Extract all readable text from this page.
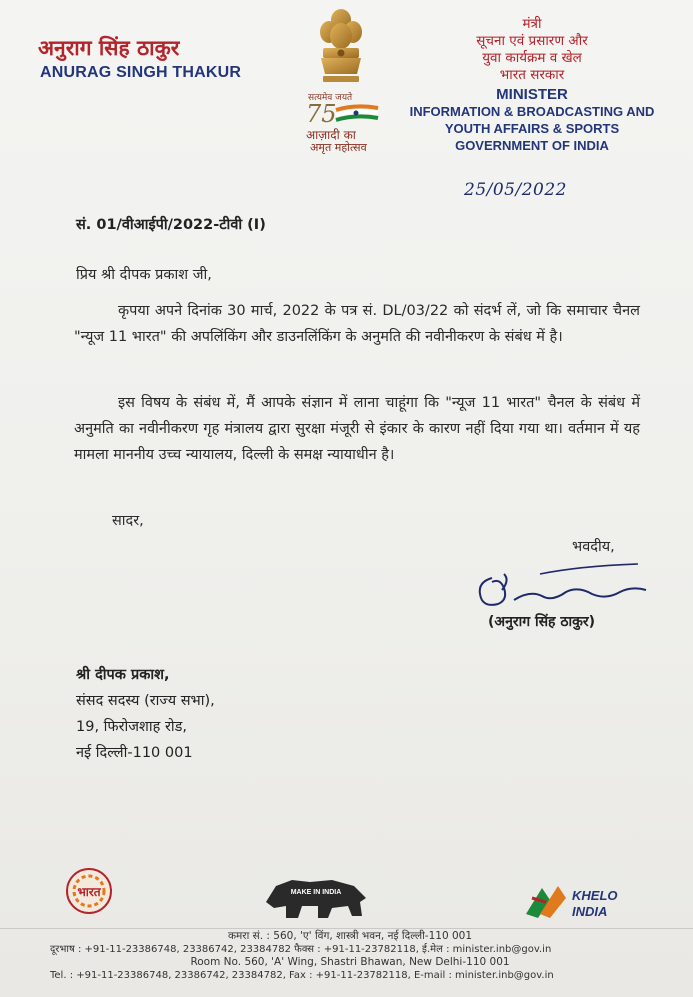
अनुराग सिंह ठाकुर
ANURAG SINGH THAKUR
सत्यमेव जयते
75
आज़ादी का
अमृत महोत्सव
मंत्री
सूचना एवं प्रसारण और
युवा कार्यक्रम व खेल
भारत सरकार
MINISTER
INFORMATION & BROADCASTING AND
YOUTH AFFAIRS & SPORTS
GOVERNMENT OF INDIA
25/05/2022
सं. 01/वीआईपी/2022-टीवी (I)
प्रिय श्री दीपक प्रकाश जी,
कृपया अपने दिनांक 30 मार्च, 2022 के पत्र सं. DL/03/22 को संदर्भ लें, जो कि समाचार चैनल "न्यूज 11 भारत" की अपलिंकिंग और डाउनलिंकिंग के अनुमति की नवीनीकरण के संबंध में है।
इस विषय के संबंध में, मैं आपके संज्ञान में लाना चाहूंगा कि "न्यूज 11 भारत" चैनल के संबंध में अनुमति का नवीनीकरण गृह मंत्रालय द्वारा सुरक्षा मंजूरी से इंकार के कारण नहीं दिया गया था। वर्तमान में यह मामला माननीय उच्च न्यायालय, दिल्ली के समक्ष न्यायाधीन है।
सादर,
भवदीय,
(अनुराग सिंह ठाकुर)
श्री दीपक प्रकाश,
संसद सदस्य (राज्य सभा),
19, फिरोजशाह रोड,
नई दिल्ली-110 001
भारत	MAKE IN INDIA	KHELO
INDIA
कमरा सं. : 560, 'ए' विंग, शास्त्री भवन, नई दिल्ली-110 001
दूरभाष : +91-11-23386748, 23386742, 23384782 फैक्स : +91-11-23782118, ई.मेल : minister.inb@gov.in
Room No. 560, 'A' Wing, Shastri Bhawan, New Delhi-110 001
Tel. : +91-11-23386748, 23386742, 23384782, Fax : +91-11-23782118, E-mail : minister.inb@gov.in
